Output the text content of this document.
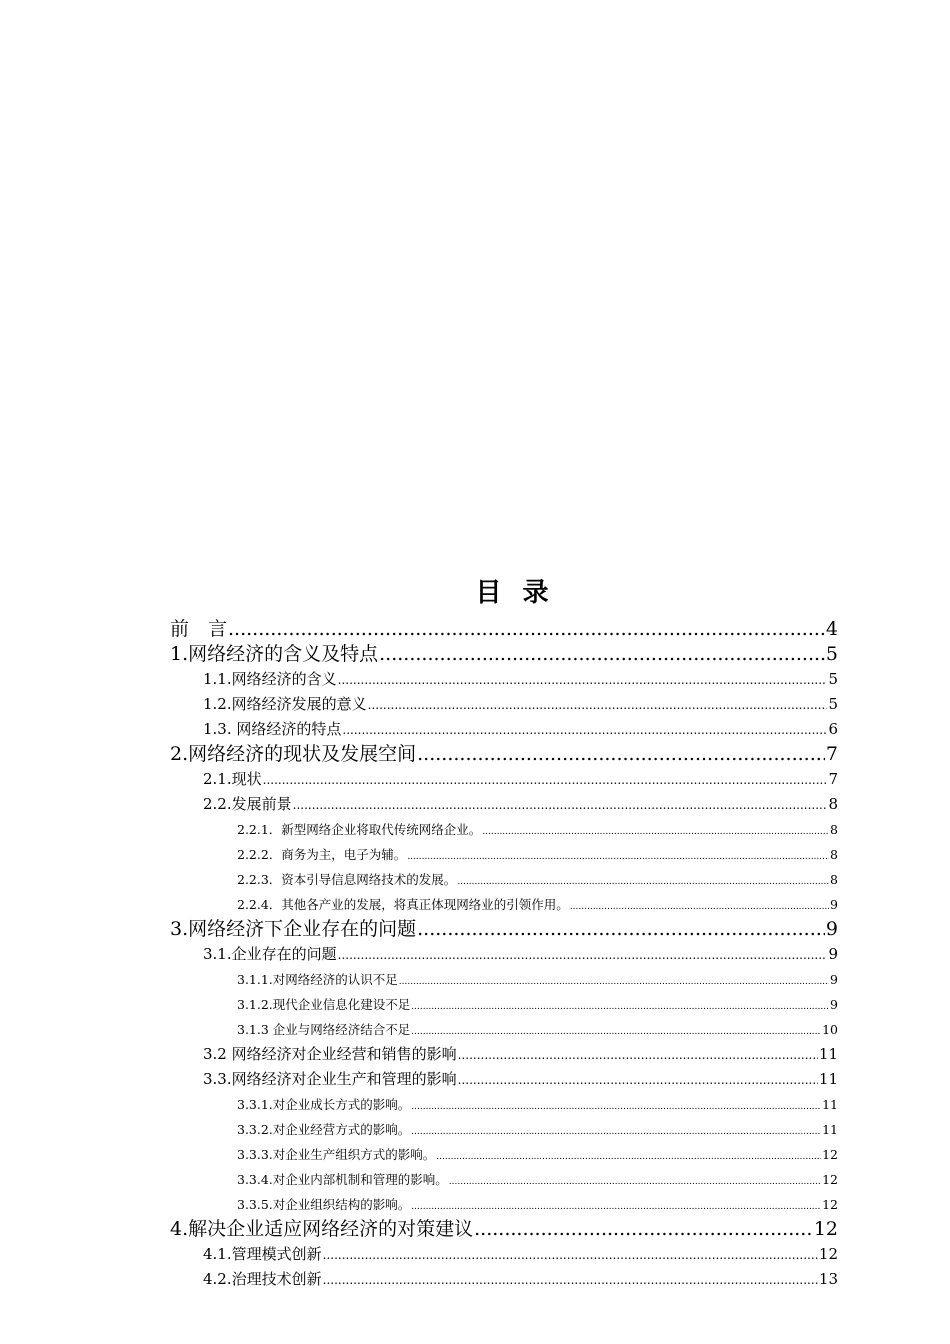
目 录
前　言 .....	4
1.网络经济的含义及特点 .....	5
1.1.网络经济的含义 .....	5
1.2.网络经济发展的意义 .....	5
1.3. 网络经济的特点 .....	6
2.网络经济的现状及发展空间 .....	7
2.1.现状 .....	7
2.2.发展前景 .....	8
2.2.1．新型网络企业将取代传统网络企业。 .....	8
2.2.2．商务为主，电子为辅。 .....	8
2.2.3．资本引导信息网络技术的发展。 .....	8
2.2.4．其他各产业的发展，将真正体现网络业的引领作用。 .....	9
3.网络经济下企业存在的问题 .....	9
3.1.企业存在的问题 .....	9
3.1.1.对网络经济的认识不足 .....	9
3.1.2.现代企业信息化建设不足 .....	9
3.1.3 企业与网络经济结合不足 .....	10
3.2 网络经济对企业经营和销售的影响 .....	11
3.3.网络经济对企业生产和管理的影响 .....	11
3.3.1.对企业成长方式的影响。 .....	11
3.3.2.对企业经营方式的影响。 .....	11
3.3.3.对企业生产组织方式的影响。 .....	12
3.3.4.对企业内部机制和管理的影响。 .....	12
3.3.5.对企业组织结构的影响。 .....	12
4.解决企业适应网络经济的对策建议 .....	12
4.1.管理模式创新 .....	12
4.2.治理技术创新 .....	13
